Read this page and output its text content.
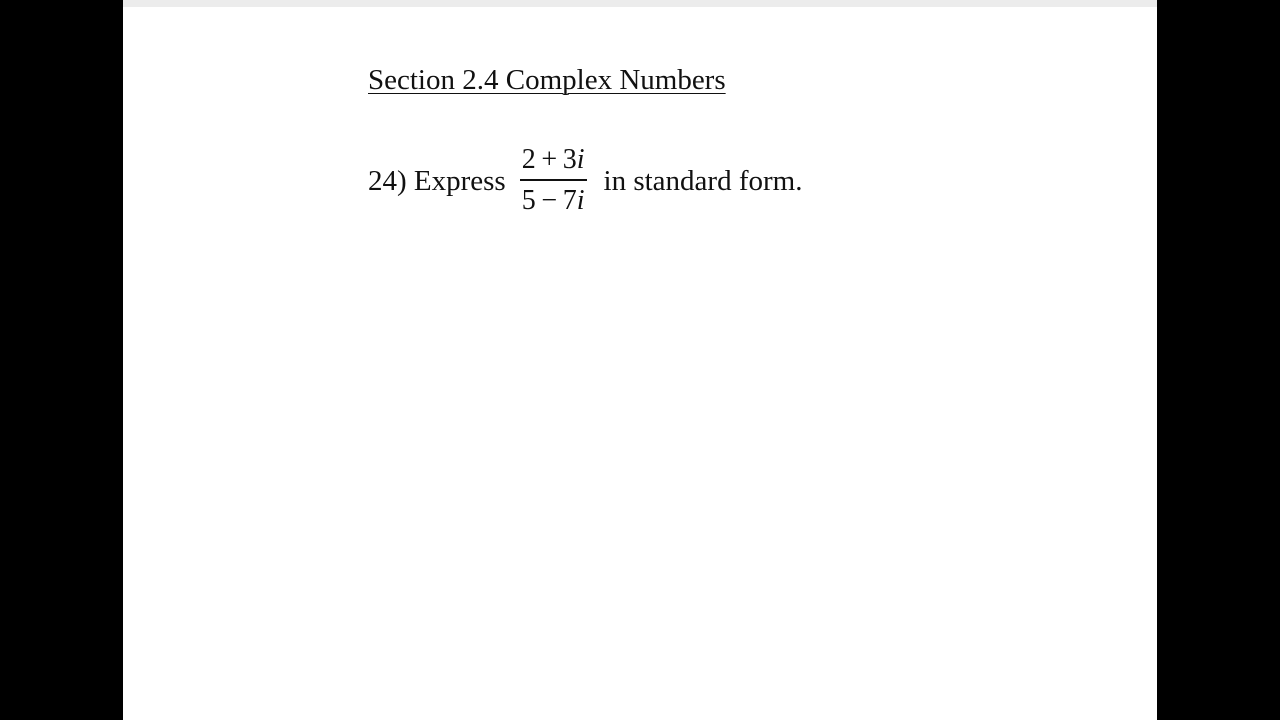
Section 2.4 Complex Numbers
24) Express $\frac{2 + 3i}{5 - 7i}$ in standard form.
